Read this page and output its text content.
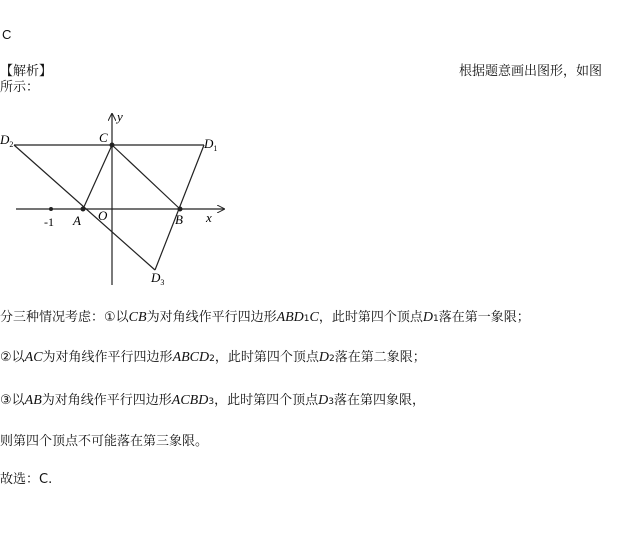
C
【解析】	根据题意画出图形，如图
所示：
y
x
C	$D_1$
$D_2$
$D_3$
O
A	B
-1
分三种情况考虑：①以CB为对角线作平行四边形ABD1C，此时第四个顶点D1落在第一象限；
②以AC为对角线作平行四边形ABCD2，此时第四个顶点D2落在第二象限；
③以AB为对角线作平行四边形ACBD3，此时第四个顶点D3落在第四象限，
则第四个顶点不可能落在第三象限。
故选：C.
